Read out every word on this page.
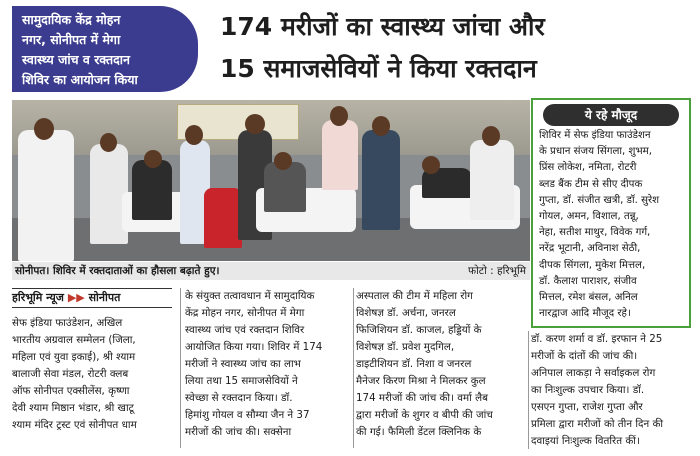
सामुदायिक केंद्र मोहन
नगर, सोनीपत में मेगा
स्वास्थ्य जांच व रक्तदान
शिविर का आयोजन किया
174 मरीजों का स्वास्थ्य जांचा और
15 समाजसेवियों ने किया रक्तदान
सोनीपत। शिविर में रक्तदाताओं का हौसला बढ़ाते हुए।	फोटो : हरिभूमि
ये रहे मौजूद
शिविर में सेफ इंडिया फाउंडेशन
के प्रधान संजय सिंगला, शुभम,
प्रिंस लोकेश, नमिता, रोटरी
ब्लड बैंक टीम से सीए दीपक
गुप्ता, डॉ. संजीत खत्री, डॉ. सुरेश
गोयल, अमन, विशाल, तन्नू,
नेहा, सतीश माथुर, विवेक गर्ग,
नरेंद्र भूटानी, अविनाश सेठी,
दीपक सिंगला, मुकेश मित्तल,
डॉ. कैलाश पाराशर, संजीव
मित्तल, रमेश बंसल, अनिल
नारद्वाज आदि मौजूद रहे।
हरिभूमि न्यूज ▶▶ सोनीपत
सेफ इंडिया फाउंडेशन, अखिल
भारतीय अग्रवाल सम्मेलन (जिला,
महिला एवं युवा इकाई), श्री श्याम
बालाजी सेवा मंडल, रोटरी क्लब
ऑफ सोनीपत एक्सीलेंस, कृष्णा
देवी श्याम मिष्ठान भंडार, श्री खाटू
श्याम मंदिर ट्रस्ट एवं सोनीपत धाम
के संयुक्त तत्वावधान में सामुदायिक
केंद्र मोहन नगर, सोनीपत में मेगा
स्वास्थ्य जांच एवं रक्तदान शिविर
आयोजित किया गया। शिविर में 174
मरीजों ने स्वास्थ्य जांच का लाभ
लिया तथा 15 समाजसेवियों ने
स्वेच्छा से रक्तदान किया। डॉ.
हिमांशु गोयल व सौम्या जैन ने 37
मरीजों की जांच की। सक्सेना
अस्पताल की टीम में महिला रोग
विशेषज्ञ डॉ. अर्चना, जनरल
फिजिशियन डॉ. काजल, हड्डियों के
विशेषज्ञ डॉ. प्रवेश मुदगिल,
डाइटीशियन डॉ. निशा व जनरल
मैनेजर किरण मिश्रा ने मिलकर कुल
174 मरीजों की जांच की। वर्मा लैब
द्वारा मरीजों के शुगर व बीपी की जांच
की गई। फैमिली डेंटल क्लिनिक के
डॉ. करण शर्मा व डॉ. इरफान ने 25
मरीजों के दांतों की जांच की।
अनिपाल लाकड़ा ने सर्वाइकल रोग
का निःशुल्क उपचार किया। डॉ.
एसएन गुप्ता, राजेश गुप्ता और
प्रमिला द्वारा मरीजों को तीन दिन की
दवाइयां निःशुल्क वितरित कीं।
